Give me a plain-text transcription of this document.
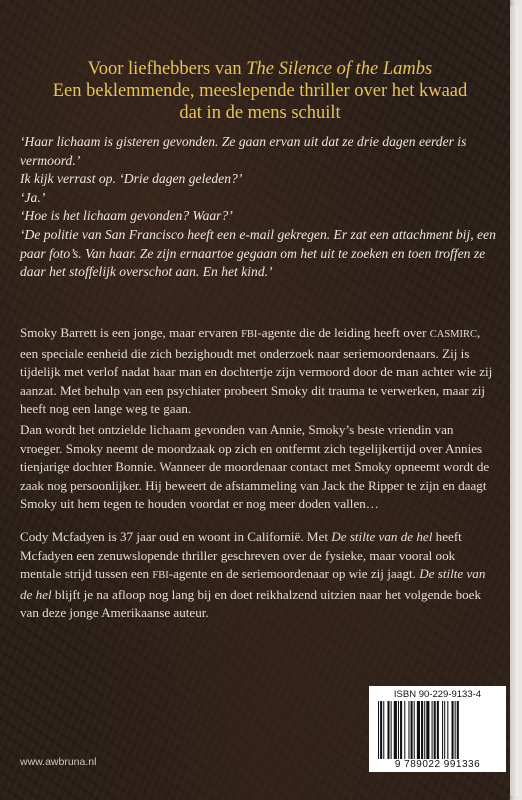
Voor liefhebbers van The Silence of the Lambs
Een beklemmende, meeslepende thriller over het kwaad
dat in de mens schuilt

‘Haar lichaam is gisteren gevonden. Ze gaan ervan uit dat ze drie dagen eerder is vermoord.’

Ik kijk verrast op. ‘Drie dagen geleden?’

‘Ja.’

‘Hoe is het lichaam gevonden? Waar?’

‘De politie van San Francisco heeft een e-mail gekregen. Er zat een attachment bij, een paar foto’s. Van haar. Ze zijn ernaartoe gegaan om het uit te zoeken en toen troffen ze daar het stoffelijk overschot aan. En het kind.’

Smoky Barrett is een jonge, maar ervaren FBI-agente die de leiding heeft over CASMIRC, een speciale eenheid die zich bezighoudt met onderzoek naar seriemoordenaars. Zij is tijdelijk met verlof nadat haar man en dochtertje zijn vermoord door de man achter wie zij aanzat. Met behulp van een psychiater probeert Smoky dit trauma te verwerken, maar zij heeft nog een lange weg te gaan.

Dan wordt het ontzielde lichaam gevonden van Annie, Smoky’s beste vriendin van vroeger. Smoky neemt de moordzaak op zich en ontfermt zich tegelijkertijd over Annies tienjarige dochter Bonnie. Wanneer de moordenaar contact met Smoky opneemt wordt de zaak nog persoonlijker. Hij beweert de afstammeling van Jack the Ripper te zijn en daagt Smoky uit hem tegen te houden voordat er nog meer doden vallen…

Cody Mcfadyen is 37 jaar oud en woont in Californië. Met De stilte van de hel heeft Mcfadyen een zenuwslopende thriller geschreven over de fysieke, maar vooral ook mentale strijd tussen een FBI-agente en de seriemoordenaar op wie zij jaagt. De stilte van de hel blijft je na afloop nog lang bij en doet reikhalzend uitzien naar het volgende boek van deze jonge Amerikaanse auteur.

ISBN 90-229-9133-4
9 789022 991336
www.awbruna.nl
